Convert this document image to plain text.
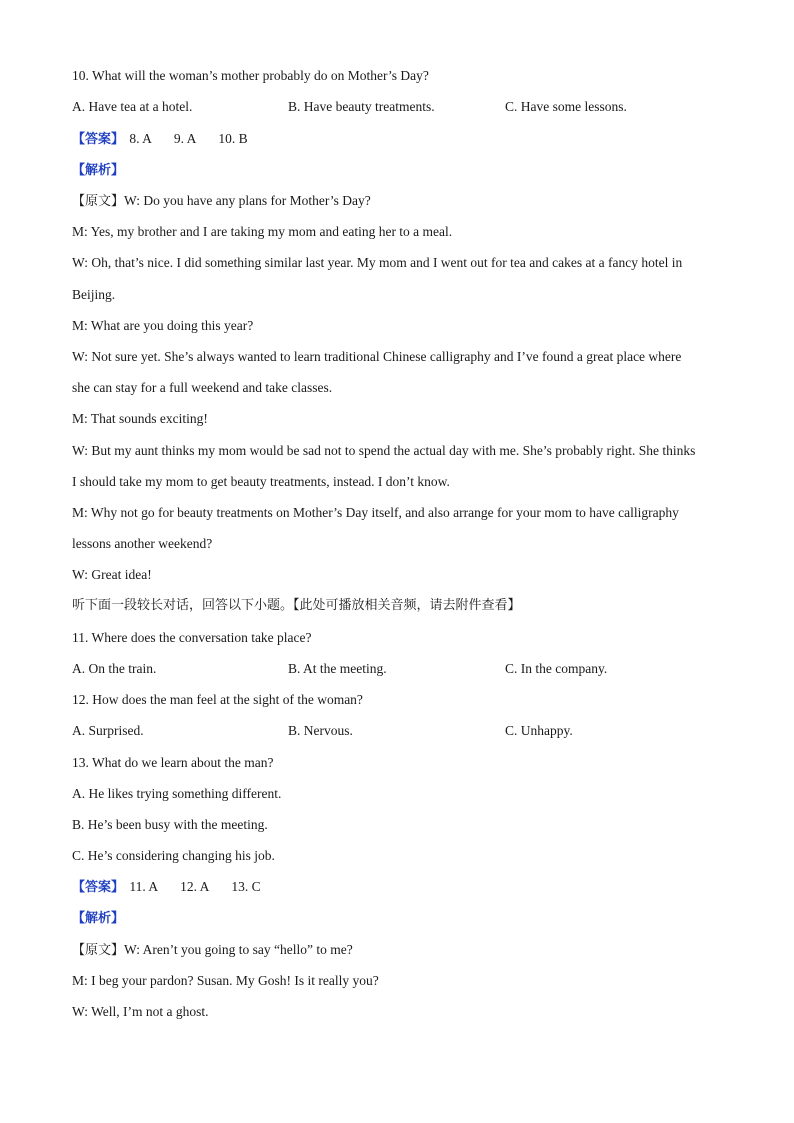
10. What will the woman’s mother probably do on Mother’s Day?
A. Have tea at a hotel.	B. Have beauty treatments.	C. Have some lessons.
【答案】 8. A 9. A 10. B
【解析】
【原文】W: Do you have any plans for Mother’s Day?
M: Yes, my brother and I are taking my mom and eating her to a meal.
W: Oh, that’s nice. I did something similar last year. My mom and I went out for tea and cakes at a fancy hotel in
Beijing.
M: What are you doing this year?
W: Not sure yet. She’s always wanted to learn traditional Chinese calligraphy and I’ve found a great place where
she can stay for a full weekend and take classes.
M: That sounds exciting!
W: But my aunt thinks my mom would be sad not to spend the actual day with me. She’s probably right. She thinks
I should take my mom to get beauty treatments, instead. I don’t know.
M: Why not go for beauty treatments on Mother’s Day itself, and also arrange for your mom to have calligraphy
lessons another weekend?
W: Great idea!
听下面一段较长对话，回答以下小题。【此处可播放相关音频，请去附件查看】
11. Where does the conversation take place?
A. On the train.	B. At the meeting.	C. In the company.
12. How does the man feel at the sight of the woman?
A. Surprised.	B. Nervous.	C. Unhappy.
13. What do we learn about the man?
A. He likes trying something different.
B. He’s been busy with the meeting.
C. He’s considering changing his job.
【答案】 11. A 12. A 13. C
【解析】
【原文】W: Aren’t you going to say “hello” to me?
M: I beg your pardon? Susan. My Gosh! Is it really you?
W: Well, I’m not a ghost.
